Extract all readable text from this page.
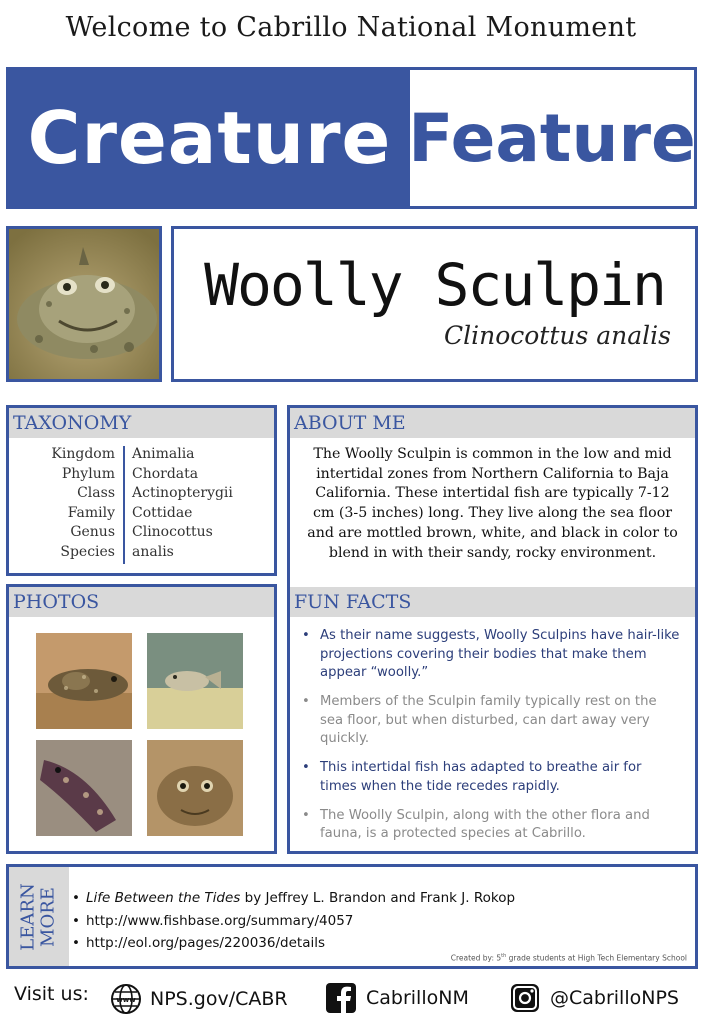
Welcome to Cabrillo National Monument
Creature Feature
Woolly Sculpin
Clinocottus analis
TAXONOMY
Kingdom	Animalia
Phylum	Chordata
Class	Actinopterygii
Family	Cottidae
Genus	Clinocottus
Species	analis
ABOUT ME
The Woolly Sculpin is common in the low and mid intertidal zones from Northern California to Baja California. These intertidal fish are typically 7-12 cm (3-5 inches) long. They live along the sea floor and are mottled brown, white, and black in color to blend in with their sandy, rocky environment.
PHOTOS	FUN FACTS
• As their name suggests, Woolly Sculpins have hair-like projections covering their bodies that make them appear “woolly.”
• Members of the Sculpin family typically rest on the sea floor, but when disturbed, can dart away very quickly.
• This intertidal fish has adapted to breathe air for times when the tide recedes rapidly.
• The Woolly Sculpin, along with the other flora and fauna, is a protected species at Cabrillo.
LEARN MORE
•	Life Between the Tides by Jeffrey L. Brandon and Frank J. Rokop
• http://www.fishbase.org/summary/4057
• http://eol.org/pages/220036/details
Created by: 5th grade students at High Tech Elementary School
Visit us:	www NPS.gov/CABR	CabrilloNM	@CabrilloNPS
